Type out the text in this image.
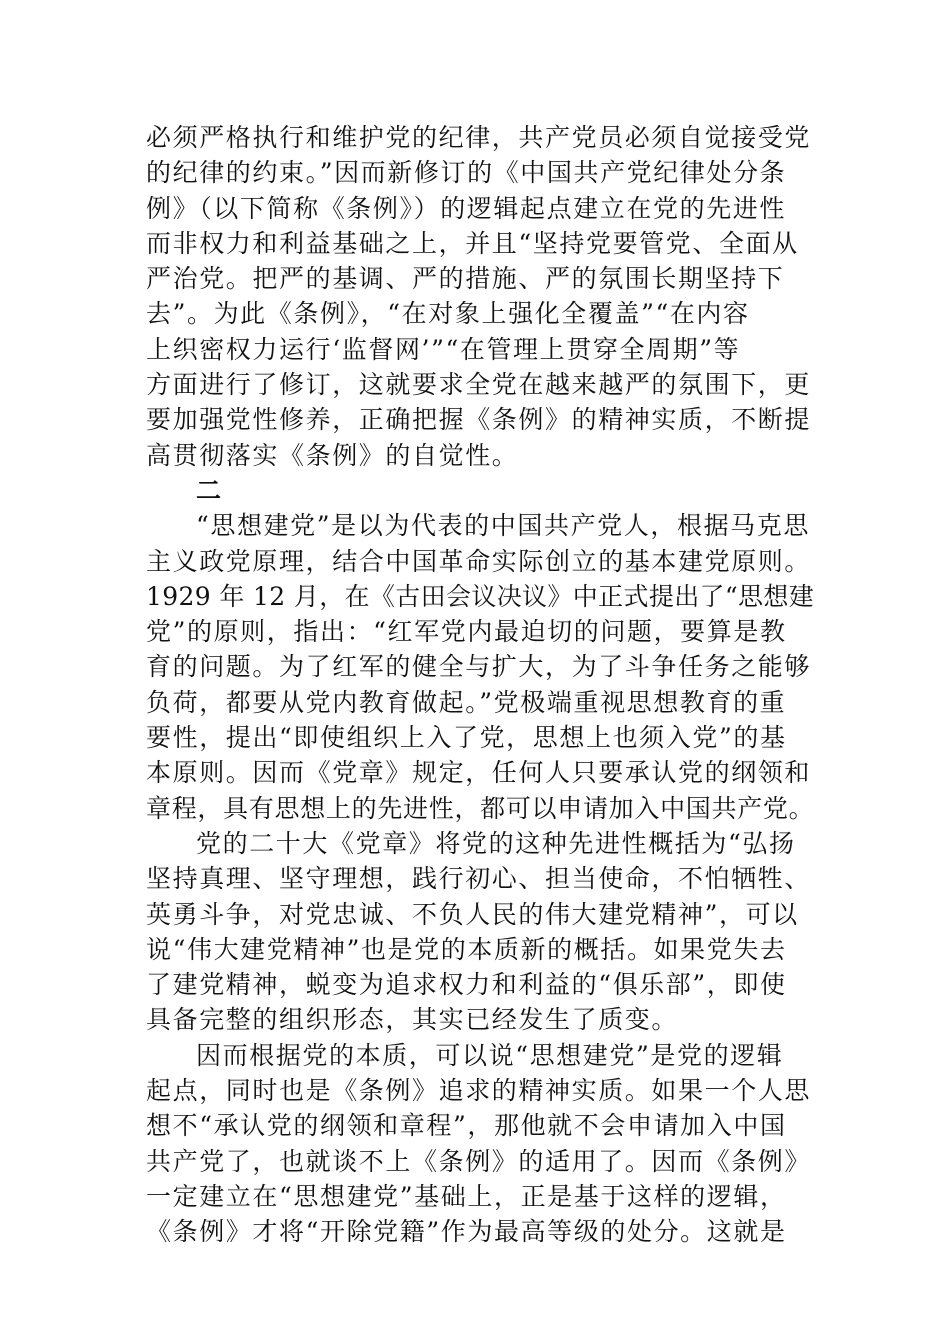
必须严格执行和维护党的纪律，共产党员必须自觉接受党
的纪律的约束。”因而新修订的《中国共产党纪律处分条
例》（以下简称《条例》）的逻辑起点建立在党的先进性
而非权力和利益基础之上，并且“坚持党要管党、全面从
严治党。把严的基调、严的措施、严的氛围长期坚持下
去”。为此《条例》，“在对象上强化全覆盖”“在内容
上织密权力运行‘监督网’”“在管理上贯穿全周期”等
方面进行了修订，这就要求全党在越来越严的氛围下，更
要加强党性修养，正确把握《条例》的精神实质，不断提
高贯彻落实《条例》的自觉性。
二
“思想建党”是以为代表的中国共产党人，根据马克思
主义政党原理，结合中国革命实际创立的基本建党原则。
1929 年 12 月，在《古田会议决议》中正式提出了“思想建
党”的原则，指出：“红军党内最迫切的问题，要算是教
育的问题。为了红军的健全与扩大，为了斗争任务之能够
负荷，都要从党内教育做起。”党极端重视思想教育的重
要性，提出“即使组织上入了党，思想上也须入党”的基
本原则。因而《党章》规定，任何人只要承认党的纲领和
章程，具有思想上的先进性，都可以申请加入中国共产党。
党的二十大《党章》将党的这种先进性概括为“弘扬
坚持真理、坚守理想，践行初心、担当使命，不怕牺牲、
英勇斗争，对党忠诚、不负人民的伟大建党精神”，可以
说“伟大建党精神”也是党的本质新的概括。如果党失去
了建党精神，蜕变为追求权力和利益的“俱乐部”，即使
具备完整的组织形态，其实已经发生了质变。
因而根据党的本质，可以说“思想建党”是党的逻辑
起点，同时也是《条例》追求的精神实质。如果一个人思
想不“承认党的纲领和章程”，那他就不会申请加入中国
共产党了，也就谈不上《条例》的适用了。因而《条例》
一定建立在“思想建党”基础上，正是基于这样的逻辑，
《条例》才将“开除党籍”作为最高等级的处分。这就是
